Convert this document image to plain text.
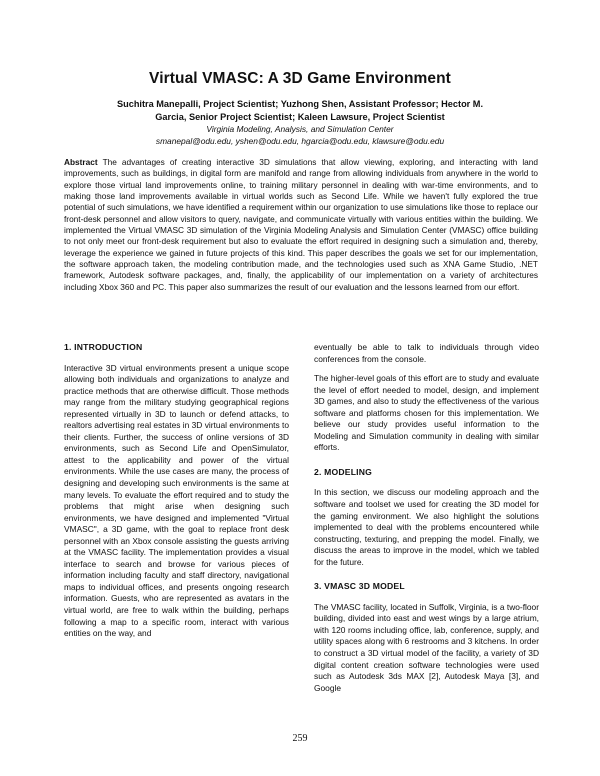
Virtual VMASC: A 3D Game Environment
Suchitra Manepalli, Project Scientist; Yuzhong Shen, Assistant Professor; Hector M.
Garcia, Senior Project Scientist; Kaleen Lawsure, Project Scientist
Virginia Modeling, Analysis, and Simulation Center
smanepal@odu.edu, yshen@odu.edu, hgarcia@odu.edu, klawsure@odu.edu

Abstract The advantages of creating interactive 3D simulations that allow viewing, exploring, and interacting with land improvements, such as buildings, in digital form are manifold and range from allowing individuals from anywhere in the world to explore those virtual land improvements online, to training military personnel in dealing with war-time environments, and to making those land improvements available in virtual worlds such as Second Life. While we haven't fully explored the true potential of such simulations, we have identified a requirement within our organization to use simulations like those to replace our front-desk personnel and allow visitors to query, navigate, and communicate virtually with various entities within the building. We implemented the Virtual VMASC 3D simulation of the Virginia Modeling Analysis and Simulation Center (VMASC) office building to not only meet our front-desk requirement but also to evaluate the effort required in designing such a simulation and, thereby, leverage the experience we gained in future projects of this kind. This paper describes the goals we set for our implementation, the software approach taken, the modeling contribution made, and the technologies used such as XNA Game Studio, .NET framework, Autodesk software packages, and, finally, the applicability of our implementation on a variety of architectures including Xbox 360 and PC. This paper also summarizes the result of our evaluation and the lessons learned from our effort.

1. INTRODUCTION

Interactive 3D virtual environments present a unique scope allowing both individuals and organizations to analyze and practice methods that are otherwise difficult. Those methods may range from the military studying geographical regions represented virtually in 3D to launch or defend attacks, to realtors advertising real estates in 3D virtual environments to their clients. Further, the success of online versions of 3D environments, such as Second Life and OpenSimulator, attest to the applicability and power of the virtual environments. While the use cases are many, the process of designing and developing such environments is the same at many levels. To evaluate the effort required and to study the problems that might arise when designing such environments, we have designed and implemented "Virtual VMASC", a 3D game, with the goal to replace front desk personnel with an Xbox console assisting the guests arriving at the VMASC facility. The implementation provides a visual interface to search and browse for various pieces of information including faculty and staff directory, navigational maps to individual offices, and presents ongoing research information. Guests, who are represented as avatars in the virtual world, are free to walk within the building, perhaps following a map to a specific room, interact with various entities on the way, and

eventually be able to talk to individuals through video conferences from the console.

The higher-level goals of this effort are to study and evaluate the level of effort needed to model, design, and implement 3D games, and also to study the effectiveness of the various software and platforms chosen for this implementation. We believe our study provides useful information to the Modeling and Simulation community in dealing with similar efforts.

2. MODELING

In this section, we discuss our modeling approach and the software and toolset we used for creating the 3D model for the gaming environment. We also highlight the solutions implemented to deal with the problems encountered while constructing, texturing, and prepping the model. Finally, we discuss the areas to improve in the model, which we tabled for the future.

3. VMASC 3D MODEL

The VMASC facility, located in Suffolk, Virginia, is a two-floor building, divided into east and west wings by a large atrium, with 120 rooms including office, lab, conference, supply, and utility spaces along with 6 restrooms and 3 kitchens. In order to construct a 3D virtual model of the facility, a variety of 3D digital content creation software technologies were used such as Autodesk 3ds MAX [2], Autodesk Maya [3], and Google

259
